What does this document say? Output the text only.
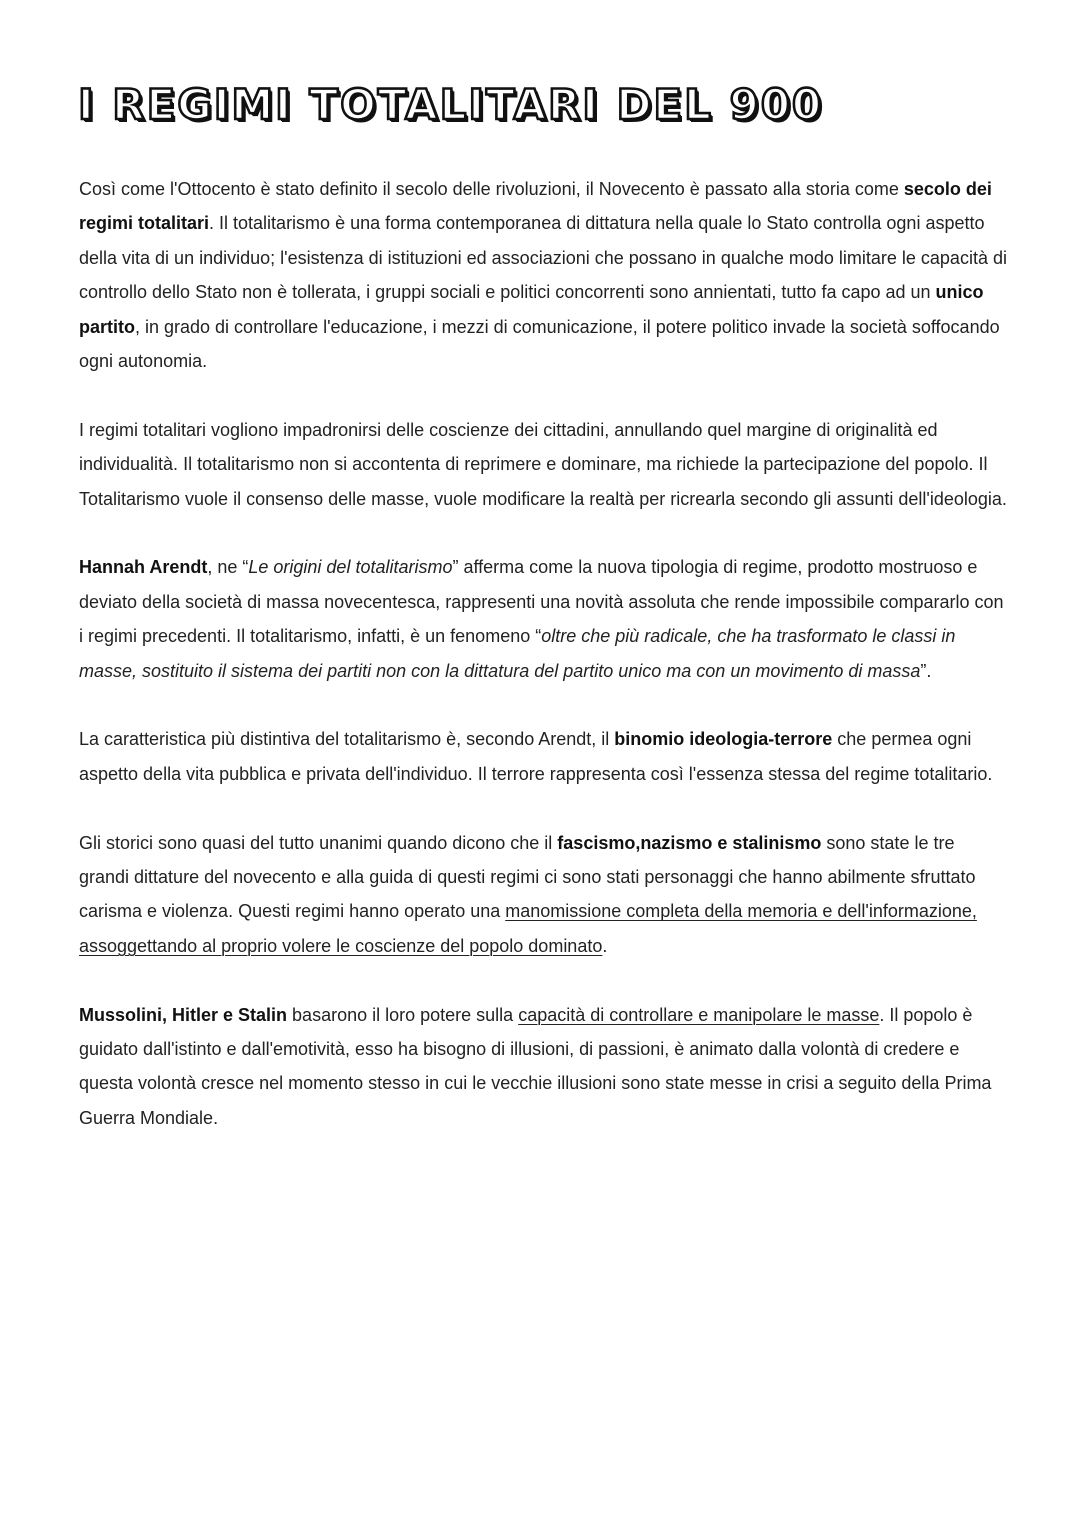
I REGIMI TOTALITARI DEL 900

Così come l'Ottocento è stato definito il secolo delle rivoluzioni, il Novecento è passato alla storia come secolo dei regimi totalitari. Il totalitarismo è una forma contemporanea di dittatura nella quale lo Stato controlla ogni aspetto della vita di un individuo; l'esistenza di istituzioni ed associazioni che possano in qualche modo limitare le capacità di controllo dello Stato non è tollerata, i gruppi sociali e politici concorrenti sono annientati, tutto fa capo ad un unico partito, in grado di controllare l'educazione, i mezzi di comunicazione, il potere politico invade la società soffocando ogni autonomia.

I regimi totalitari vogliono impadronirsi delle coscienze dei cittadini, annullando quel margine di originalità ed individualità. Il totalitarismo non si accontenta di reprimere e dominare, ma richiede la partecipazione del popolo. Il Totalitarismo vuole il consenso delle masse, vuole modificare la realtà per ricrearla secondo gli assunti dell'ideologia.

Hannah Arendt, ne “Le origini del totalitarismo” afferma come la nuova tipologia di regime, prodotto mostruoso e deviato della società di massa novecentesca, rappresenti una novità assoluta che rende impossibile compararlo con i regimi precedenti. Il totalitarismo, infatti, è un fenomeno “oltre che più radicale, che ha trasformato le classi in masse, sostituito il sistema dei partiti non con la dittatura del partito unico ma con un movimento di massa”.

La caratteristica più distintiva del totalitarismo è, secondo Arendt, il binomio ideologia-terrore che permea ogni aspetto della vita pubblica e privata dell'individuo. Il terrore rappresenta così l'essenza stessa del regime totalitario.

Gli storici sono quasi del tutto unanimi quando dicono che il fascismo,nazismo e stalinismo sono state le tre grandi dittature del novecento e alla guida di questi regimi ci sono stati personaggi che hanno abilmente sfruttato carisma e violenza. Questi regimi hanno operato una manomissione completa della memoria e dell'informazione, assoggettando al proprio volere le coscienze del popolo dominato.

Mussolini, Hitler e Stalin basarono il loro potere sulla capacità di controllare e manipolare le masse. Il popolo è guidato dall'istinto e dall'emotività, esso ha bisogno di illusioni, di passioni, è animato dalla volontà di credere e questa volontà cresce nel momento stesso in cui le vecchie illusioni sono state messe in crisi a seguito della Prima Guerra Mondiale.
